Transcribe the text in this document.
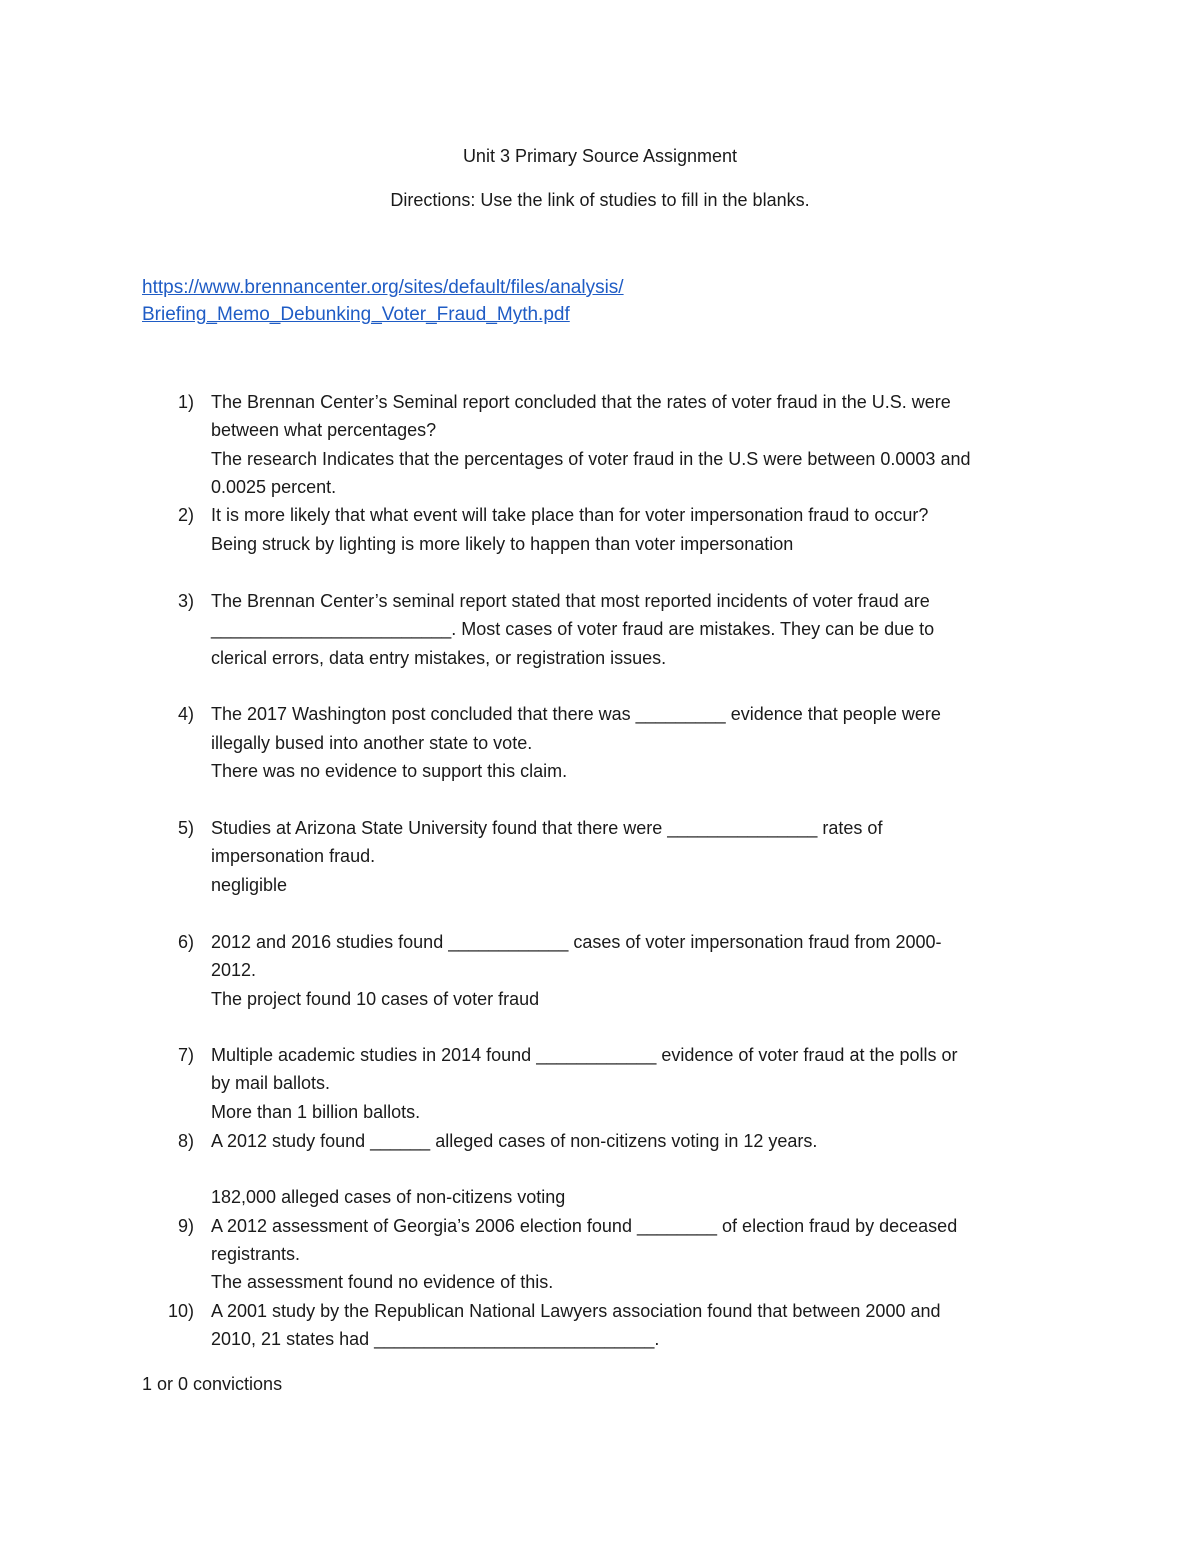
Unit 3 Primary Source Assignment
Directions: Use the link of studies to fill in the blanks.
https://www.brennancenter.org/sites/default/files/analysis/
Briefing_Memo_Debunking_Voter_Fraud_Myth.pdf
1) The Brennan Center’s Seminal report concluded that the rates of voter fraud in the U.S. were
between what percentages?
The research Indicates that the percentages of voter fraud in the U.S were between 0.0003 and
0.0025 percent.
2) It is more likely that what event will take place than for voter impersonation fraud to occur?
Being struck by lighting is more likely to happen than voter impersonation
3) The Brennan Center’s seminal report stated that most reported incidents of voter fraud are
________________________. Most cases of voter fraud are mistakes. They can be due to
clerical errors, data entry mistakes, or registration issues.
4) The 2017 Washington post concluded that there was _________ evidence that people were
illegally bused into another state to vote.
There was no evidence to support this claim.
5) Studies at Arizona State University found that there were _______________ rates of
impersonation fraud.
negligible
6) 2012 and 2016 studies found ____________ cases of voter impersonation fraud from 2000-
2012.
The project found 10 cases of voter fraud
7) Multiple academic studies in 2014 found ____________ evidence of voter fraud at the polls or
by mail ballots.
More than 1 billion ballots.
8) A 2012 study found ______ alleged cases of non-citizens voting in 12 years.
182,000 alleged cases of non-citizens voting
9) A 2012 assessment of Georgia’s 2006 election found ________ of election fraud by deceased
registrants.
The assessment found no evidence of this.
10) A 2001 study by the Republican National Lawyers association found that between 2000 and
2010, 21 states had ____________________________.
1 or 0 convictions
